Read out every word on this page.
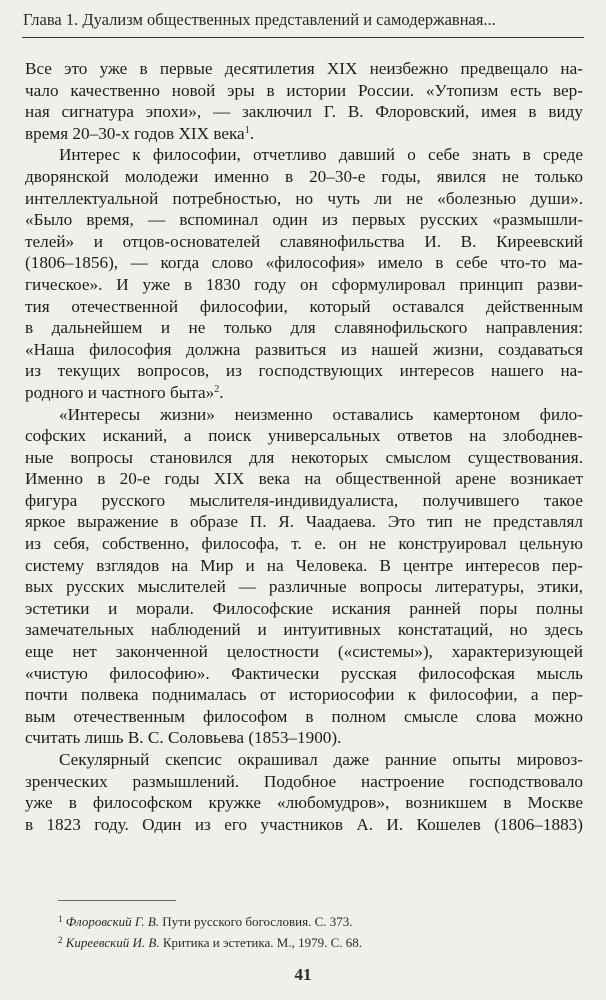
Глава 1. Дуализм общественных представлений и самодержавная...
Все это уже в первые десятилетия XIX неизбежно предвещало на-
чало качественно новой эры в истории России. «Утопизм есть вер-
ная сигнатура эпохи», — заключил Г. В. Флоровский, имея в виду
время 20–30-х годов XIX века$^1$.
Интерес к философии, отчетливо давший о себе знать в среде
дворянской молодежи именно в 20–30-е годы, явился не только
интеллектуальной потребностью, но чуть ли не «болезнью души».
«Было время, — вспоминал один из первых русских «размышли-
телей» и отцов-основателей славянофильства И. В. Киреевский
(1806–1856), — когда слово «философия» имело в себе что-то ма-
гическое». И уже в 1830 году он сформулировал принцип разви-
тия отечественной философии, который оставался действенным
в дальнейшем и не только для славянофильского направления:
«Наша философия должна развиться из нашей жизни, создаваться
из текущих вопросов, из господствующих интересов нашего на-
родного и частного быта»$^2$.
«Интересы жизни» неизменно оставались камертоном фило-
софских исканий, а поиск универсальных ответов на злободнев-
ные вопросы становился для некоторых смыслом существования.
Именно в 20-е годы XIX века на общественной арене возникает
фигура русского мыслителя-индивидуалиста, получившего такое
яркое выражение в образе П. Я. Чаадаева. Это тип не представлял
из себя, собственно, философа, т. е. он не конструировал цельную
систему взглядов на Мир и на Человека. В центре интересов пер-
вых русских мыслителей — различные вопросы литературы, этики,
эстетики и морали. Философские искания ранней поры полны
замечательных наблюдений и интуитивных констатаций, но здесь
еще нет законченной целостности («системы»), характеризующей
«чистую философию». Фактически русская философская мысль
почти полвека поднималась от историософии к философии, а пер-
вым отечественным философом в полном смысле слова можно
считать лишь В. С. Соловьева (1853–1900).
Секулярный скепсис окрашивал даже ранние опыты мировоз-
зренческих размышлений. Подобное настроение господствовало
уже в философском кружке «любомудров», возникшем в Москве
в 1823 году. Один из его участников А. И. Кошелев (1806–1883)
$^1$ Флоровский Г. В. Пути русского богословия. С. 373.
$^2$ Киреевский И. В. Критика и эстетика. М., 1979. С. 68.
41
